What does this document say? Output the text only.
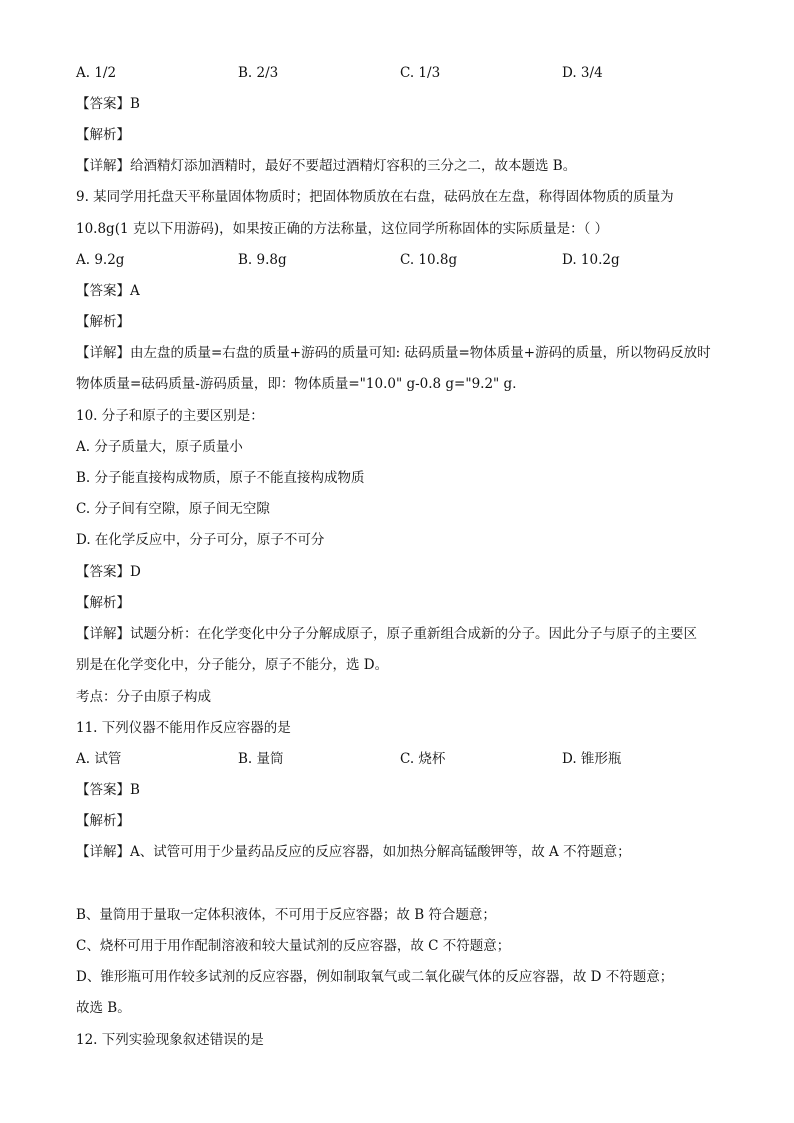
A. 1/2	B. 2/3	C. 1/3	D. 3/4
【答案】B
【解析】
【详解】给酒精灯添加酒精时，最好不要超过酒精灯容积的三分之二，故本题选 B。
9. 某同学用托盘天平称量固体物质时；把固体物质放在右盘，砝码放在左盘，称得固体物质的质量为
10.8g(1 克以下用游码)，如果按正确的方法称量，这位同学所称固体的实际质量是：（ ）
A. 9.2g	B. 9.8g	C. 10.8g	D. 10.2g
【答案】A
【解析】
【详解】由左盘的质量=右盘的质量+游码的质量可知: 砝码质量=物体质量+游码的质量，所以物码反放时
物体质量=砝码质量-游码质量，即：物体质量="10.0" g-0.8 g="9.2" g．
10. 分子和原子的主要区别是：
A. 分子质量大，原子质量小
B. 分子能直接构成物质，原子不能直接构成物质
C. 分子间有空隙，原子间无空隙
D. 在化学反应中，分子可分，原子不可分
【答案】D
【解析】
【详解】试题分析：在化学变化中分子分解成原子，原子重新组合成新的分子。因此分子与原子的主要区
别是在化学变化中，分子能分，原子不能分，选 D。
考点：分子由原子构成
11. 下列仪器不能用作反应容器的是
A. 试管	B. 量筒	C. 烧杯	D. 锥形瓶
【答案】B
【解析】
【详解】A、试管可用于少量药品反应的反应容器，如加热分解高锰酸钾等，故 A 不符题意；
B、量筒用于量取一定体积液体，不可用于反应容器；故 B 符合题意；
C、烧杯可用于用作配制溶液和较大量试剂的反应容器，故 C 不符题意；
D、锥形瓶可用作较多试剂的反应容器，例如制取氧气或二氧化碳气体的反应容器，故 D 不符题意；
故选 B。
12. 下列实验现象叙述错误的是
